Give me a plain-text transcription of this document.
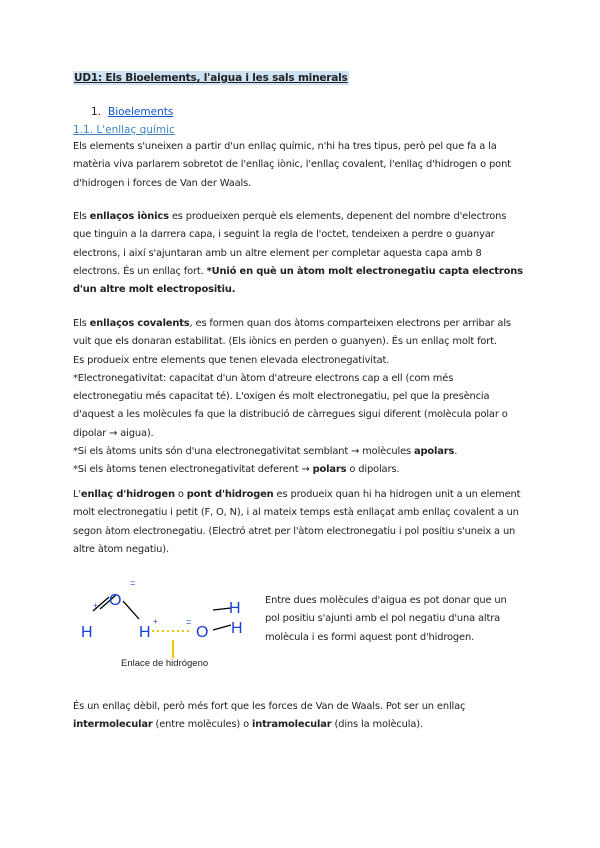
UD1: Els Bioelements, l'aigua i les sals minerals
1. Bioelements
1.1. L'enllaç químic
Els elements s'uneixen a partir d'un enllaç químic, n'hi ha tres tipus, però pel que fa a la
matèria viva parlarem sobretot de l'enllaç iònic, l'enllaç covalent, l'enllaç d'hidrogen o pont
d'hidrogen i forces de Van der Waals.
Els enllaços iònics es produeixen perquè els elements, depenent del nombre d'electrons
que tinguin a la darrera capa, i seguint la regla de l'octet, tendeixen a perdre o guanyar
electrons, i així s'ajuntaran amb un altre element per completar aquesta capa amb 8
electrons. És un enllaç fort. *Unió en què un àtom molt electronegatiu capta electrons
d'un altre molt electropositiu.
Els enllaços covalents, es formen quan dos àtoms comparteixen electrons per arribar als
vuit que els donaran estabilitat. (Els iònics en perden o guanyen). És un enllaç molt fort.
Es produeix entre elements que tenen elevada electronegativitat.
*Electronegativitat: capacitat d'un àtom d'atreure electrons cap a ell (com més
electronegatiu més capacitat té). L'oxigen és molt electronegatiu, pel que la presència
d'aquest a les molècules fa que la distribució de càrregues sigui diferent (molècula polar o
dipolar → aigua).
*Si els àtoms units són d'una electronegativitat semblant → molècules apolars.
*Si els àtoms tenen electronegativitat deferent → polars o dipolars.
L'enllaç d'hidrogen o pont d'hidrogen es produeix quan hi ha hidrogen unit a un element
molt electronegatiu i petit (F, O, N), i al mateix temps està enllaçat amb enllaç covalent a un
segon àtom electronegatiu. (Electró atret per l'àtom electronegatiu i pol positiu s'uneix a un
altre àtom negatiu).
O
O
H	H
H
H
=
=
+
+
Enlace de hidrógeno
Entre dues molècules d'aigua es pot donar que un
pol positiu s'ajunti amb el pol negatiu d'una altra
molècula i es formi aquest pont d'hidrogen.
És un enllaç dèbil, però més fort que les forces de Van de Waals. Pot ser un enllaç
intermolecular (entre molècules) o intramolecular (dins la molècula).
